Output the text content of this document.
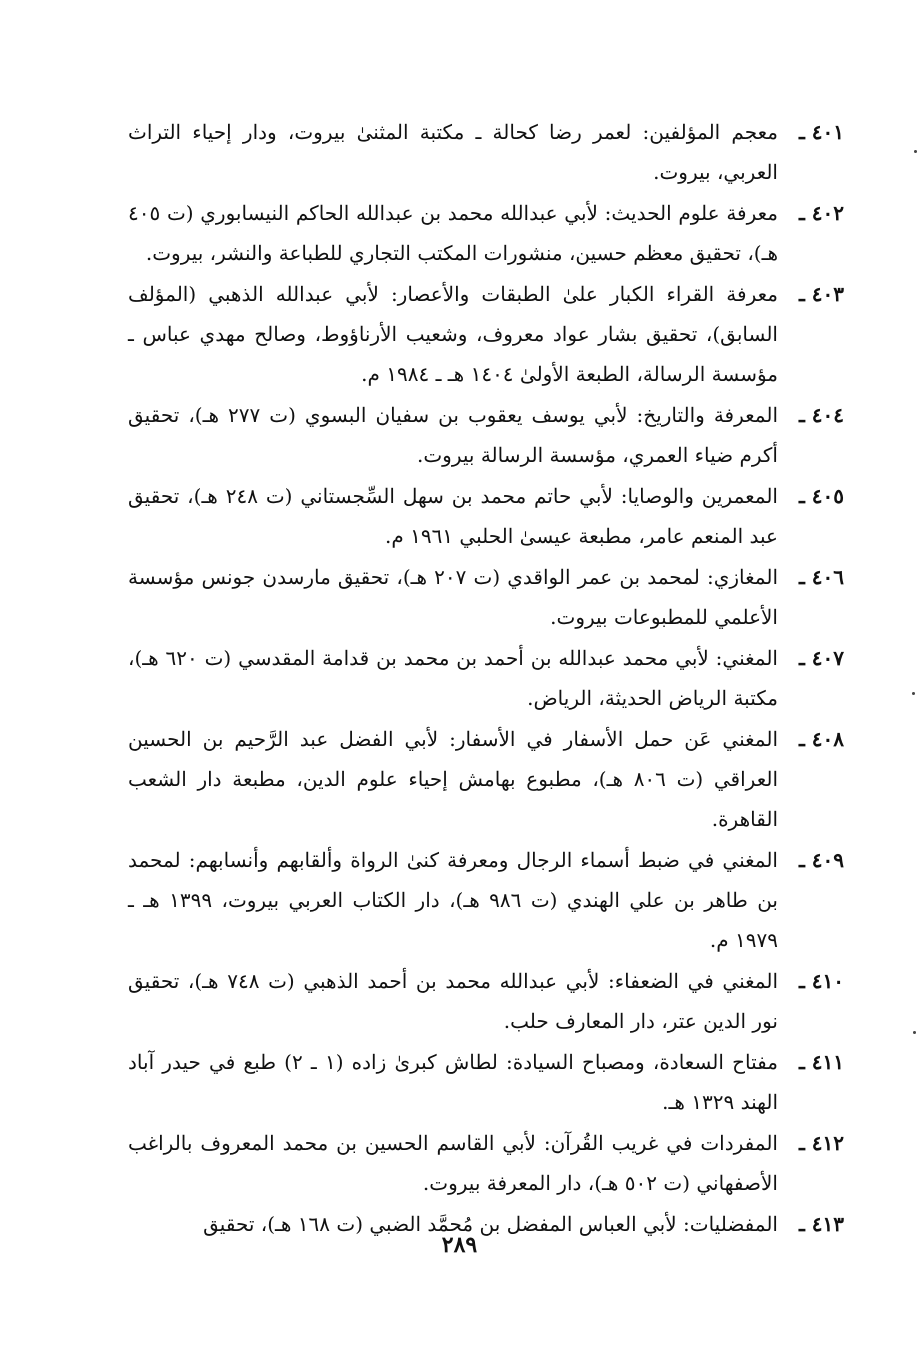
٤٠١ ـ
معجم المؤلفين: لعمر رضا كحالة ـ مكتبة المثنىٰ بيروت، ودار إحياء التراث العربي، بيروت.
٤٠٢ ـ
معرفة علوم الحديث: لأبي عبدالله محمد بن عبدالله الحاكم النيسابوري (ت ٤٠٥ هـ)، تحقيق معظم حسين، منشورات المكتب التجاري للطباعة والنشر، بيروت.
٤٠٣ ـ
معرفة القراء الكبار علىٰ الطبقات والأعصار: لأبي عبدالله الذهبي (المؤلف السابق)، تحقيق بشار عواد معروف، وشعيب الأرناؤوط، وصالح مهدي عباس ـ مؤسسة الرسالة، الطبعة الأولىٰ ١٤٠٤ هـ ـ ١٩٨٤ م.
٤٠٤ ـ
المعرفة والتاريخ: لأبي يوسف يعقوب بن سفيان البسوي (ت ٢٧٧ هـ)، تحقيق أكرم ضياء العمري، مؤسسة الرسالة بيروت.
٤٠٥ ـ
المعمرين والوصايا: لأبي حاتم محمد بن سهل السِّجستاني (ت ٢٤٨ هـ)، تحقيق عبد المنعم عامر، مطبعة عيسىٰ الحلبي ١٩٦١ م.
٤٠٦ ـ
المغازي: لمحمد بن عمر الواقدي (ت ٢٠٧ هـ)، تحقيق مارسدن جونس مؤسسة الأعلمي للمطبوعات بيروت.
٤٠٧ ـ
المغني: لأبي محمد عبدالله بن أحمد بن محمد بن قدامة المقدسي (ت ٦٢٠ هـ)، مكتبة الرياض الحديثة، الرياض.
٤٠٨ ـ
المغني عَن حمل الأسفار في الأسفار: لأبي الفضل عبد الرَّحيم بن الحسين العراقي (ت ٨٠٦ هـ)، مطبوع بهامش إحياء علوم الدين، مطبعة دار الشعب القاهرة.
٤٠٩ ـ
المغني في ضبط أسماء الرجال ومعرفة كنىٰ الرواة وألقابهم وأنسابهم: لمحمد بن طاهر بن علي الهندي (ت ٩٨٦ هـ)، دار الكتاب العربي بيروت، ١٣٩٩ هـ ـ ١٩٧٩ م.
٤١٠ ـ
المغني في الضعفاء: لأبي عبدالله محمد بن أحمد الذهبي (ت ٧٤٨ هـ)، تحقيق نور الدين عتر، دار المعارف حلب.
٤١١ ـ
مفتاح السعادة، ومصباح السيادة: لطاش كبرىٰ زاده (١ ـ ٢) طبع في حيدر آباد الهند ١٣٢٩ هـ.
٤١٢ ـ
المفردات في غريب القُرآن: لأبي القاسم الحسين بن محمد المعروف بالراغب الأصفهاني (ت ٥٠٢ هـ)، دار المعرفة بيروت.
٤١٣ ـ
المفضليات: لأبي العباس المفضل بن مُحمَّد الضبي (ت ١٦٨ هـ)، تحقيق
٢٨٩
